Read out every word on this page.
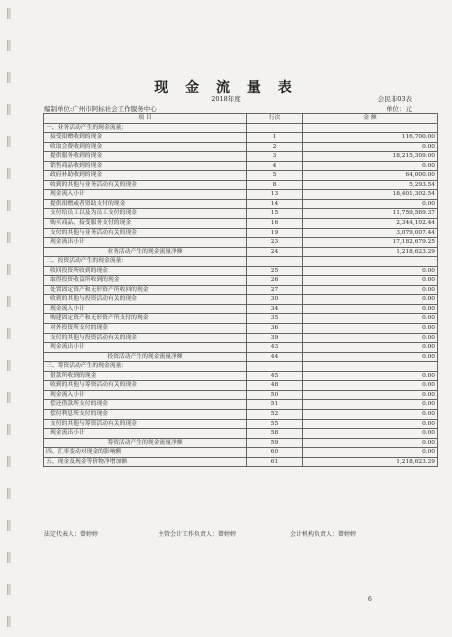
现 金 流 量 表
2018年度	会民非03表
编制单位:广州市阿标社会工作服务中心	单位：元
项 目	行次	金 额
一、业务活动产生的现金流量：		
接受捐赠收到的现金	1	116,700.00
收取会费收到的现金	2	0.00
提供服务收到的现金	3	18,215,309.00
销售商品收到的现金	4	0.00
政府补助收到的现金	5	64,000.00
收到的其他与业务活动有关的现金	8	5,293.54
现金流入小计	13	18,401,302.54
提供捐赠或者资助支付的现金	14	0.00
支付给员工以及为员工支付的现金	15	11,759,569.37
购买商品、接受服务支付的现金	16	2,344,102.44
支付的其他与业务活动有关的现金	19	3,079,007.44
现金流出小计	23	17,182,679.25
业务活动产生的现金流量净额	24	1,218,623.29
二、投资活动产生的现金流量：		
收回投资所收到的现金	25	0.00
取得投资收益所收到的现金	26	0.00
处置固定资产和无形资产所收回的现金	27	0.00
收到的其他与投资活动有关的现金	30	0.00
现金流入小计	34	0.00
购建固定资产和无形资产所支付的现金	35	0.00
对外投资所支付的现金	36	0.00
支付的其他与投资活动有关的现金	39	0.00
现金流出小计	43	0.00
投资活动产生的现金流量净额	44	0.00
三、筹资活动产生的现金流量：		
借款所收到的现金	45	0.00
收到的其他与筹资活动有关的现金	48	0.00
现金流入小计	50	0.00
偿还借款所支付的现金	51	0.00
偿付利息所支付的现金	52	0.00
支付的其他与筹资活动有关的现金	55	0.00
现金流出小计	58	0.00
筹资活动产生的现金流量净额	59	0.00
四、汇率变动对现金的影响额	60	0.00
五、现金及现金等价物净增加额	61	1,218,623.29
法定代表人：曾婷婷	主管会计工作负责人：曾婷婷	会计机构负责人：曾婷婷
6
